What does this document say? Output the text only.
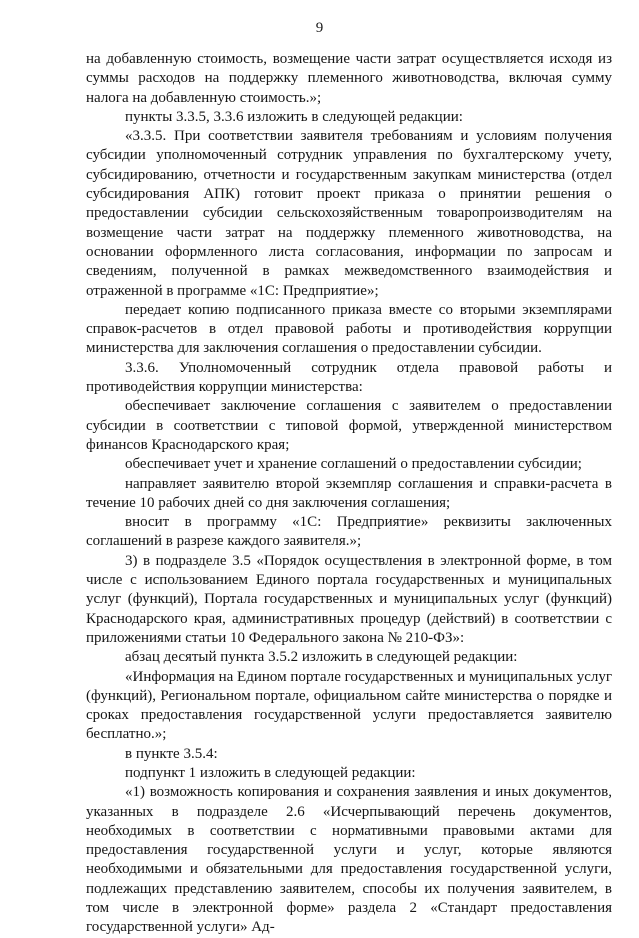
9

на добавленную стоимость, возмещение части затрат осуществляется исходя из суммы расходов на поддержку племенного животноводства, включая сумму налога на добавленную стоимость.»;

пункты 3.3.5, 3.3.6 изложить в следующей редакции:

«3.3.5. При соответствии заявителя требованиям и условиям получения субсидии уполномоченный сотрудник управления по бухгалтерскому учету, субсидированию, отчетности и государственным закупкам министерства (отдел субсидирования АПК) готовит проект приказа о принятии решения о предоставлении субсидии сельскохозяйственным товаропроизводителям на возмещение части затрат на поддержку племенного животноводства, на основании оформленного листа согласования, информации по запросам и сведениям, полученной в рамках межведомственного взаимодействия и отраженной в программе «1С: Предприятие»;

передает копию подписанного приказа вместе со вторыми экземплярами справок-расчетов в отдел правовой работы и противодействия коррупции министерства для заключения соглашения о предоставлении субсидии.

3.3.6. Уполномоченный сотрудник отдела правовой работы и противодействия коррупции министерства:

обеспечивает заключение соглашения с заявителем о предоставлении субсидии в соответствии с типовой формой, утвержденной министерством финансов Краснодарского края;

обеспечивает учет и хранение соглашений о предоставлении субсидии;

направляет заявителю второй экземпляр соглашения и справки-расчета в течение 10 рабочих дней со дня заключения соглашения;

вносит в программу «1С: Предприятие» реквизиты заключенных соглашений в разрезе каждого заявителя.»;

3) в подразделе 3.5 «Порядок осуществления в электронной форме, в том числе с использованием Единого портала государственных и муниципальных услуг (функций), Портала государственных и муниципальных услуг (функций) Краснодарского края, административных процедур (действий) в соответствии с приложениями статьи 10 Федерального закона № 210-ФЗ»:

абзац десятый пункта 3.5.2 изложить в следующей редакции:

«Информация на Едином портале государственных и муниципальных услуг (функций), Региональном портале, официальном сайте министерства о порядке и сроках предоставления государственной услуги предоставляется заявителю бесплатно.»;

в пункте 3.5.4:

подпункт 1 изложить в следующей редакции:

«1) возможность копирования и сохранения заявления и иных документов, указанных в подразделе 2.6 «Исчерпывающий перечень документов, необходимых в соответствии с нормативными правовыми актами для предоставления государственной услуги и услуг, которые являются необходимыми и обязательными для предоставления государственной услуги, подлежащих представлению заявителем, способы их получения заявителем, в том числе в электронной форме» раздела 2 «Стандарт предоставления государственной услуги» Ад-
